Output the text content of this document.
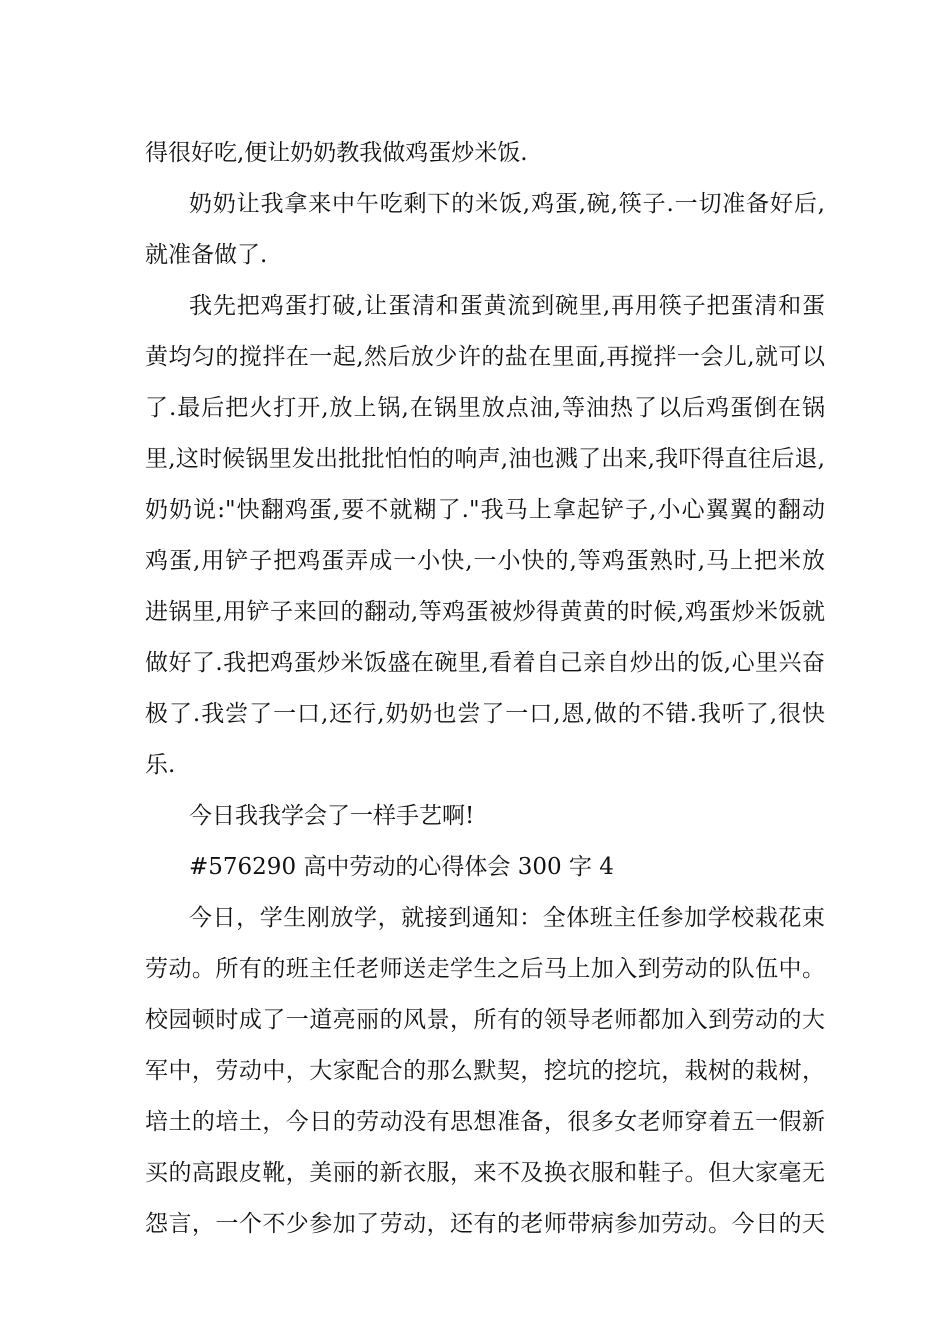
得很好吃,便让奶奶教我做鸡蛋炒米饭.
奶奶让我拿来中午吃剩下的米饭,鸡蛋,碗,筷子.一切准备好后,
就准备做了.
我先把鸡蛋打破,让蛋清和蛋黄流到碗里,再用筷子把蛋清和蛋
黄均匀的搅拌在一起,然后放少许的盐在里面,再搅拌一会儿,就可以
了.最后把火打开,放上锅,在锅里放点油,等油热了以后鸡蛋倒在锅
里,这时候锅里发出批批怕怕的响声,油也溅了出来,我吓得直往后退,
奶奶说:"快翻鸡蛋,要不就糊了."我马上拿起铲子,小心翼翼的翻动
鸡蛋,用铲子把鸡蛋弄成一小快,一小快的,等鸡蛋熟时,马上把米放
进锅里,用铲子来回的翻动,等鸡蛋被炒得黄黄的时候,鸡蛋炒米饭就
做好了.我把鸡蛋炒米饭盛在碗里,看着自己亲自炒出的饭,心里兴奋
极了.我尝了一口,还行,奶奶也尝了一口,恩,做的不错.我听了,很快
乐.
今日我我学会了一样手艺啊!
#576290 高中劳动的心得体会 300 字 4
今日，学生刚放学，就接到通知：全体班主任参加学校栽花束
劳动。所有的班主任老师送走学生之后马上加入到劳动的队伍中。
校园顿时成了一道亮丽的风景，所有的领导老师都加入到劳动的大
军中，劳动中，大家配合的那么默契，挖坑的挖坑，栽树的栽树，
培土的培土，今日的劳动没有思想准备，很多女老师穿着五一假新
买的高跟皮靴，美丽的新衣服，来不及换衣服和鞋子。但大家毫无
怨言，一个不少参加了劳动，还有的老师带病参加劳动。今日的天
